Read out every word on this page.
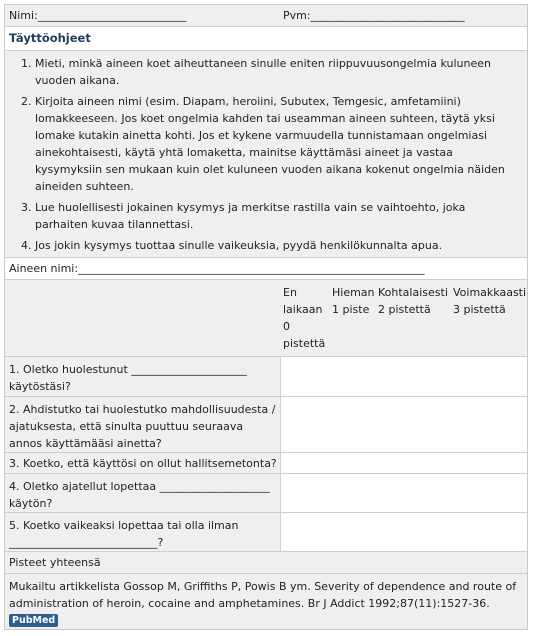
Nimi:___________________________	Pvm:____________________________
Täyttöohjeet
1. Mieti, minkä aineen koet aiheuttaneen sinulle eniten riippuvuusongelmia kuluneen vuoden aikana.
2. Kirjoita aineen nimi (esim. Diapam, heroiini, Subutex, Temgesic, amfetamiini) lomakkeeseen. Jos koet ongelmia kahden tai useamman aineen suhteen, täytä yksi lomake kutakin ainetta kohti. Jos et kykene varmuudella tunnistamaan ongelmiasi ainekohtaisesti, käytä yhtä lomaketta, mainitse käyttämäsi aineet ja vastaa kysymyksiin sen mukaan kuin olet kuluneen vuoden aikana kokenut ongelmia näiden aineiden suhteen.
3. Lue huolellisesti jokainen kysymys ja merkitse rastilla vain se vaihtoehto, joka parhaiten kuvaa tilannettasi.
4. Jos jokin kysymys tuottaa sinulle vaikeuksia, pyydä henkilökunnalta apua.
Aineen nimi:_______________________________________________________________
En laikaan
0 pistettä
Hieman
1 piste
Kohtalaisesti
2 pistettä
Voimakkaasti
3 pistettä
1. Oletko huolestunut _____________________ käytöstäsi?
2. Ahdistutko tai huolestutko mahdollisuudesta / ajatuksesta, että sinulta puuttuu seuraava annos käyttämääsi ainetta?
3. Koetko, että käyttösi on ollut hallitsemetonta?
4. Oletko ajatellut lopettaa ____________________ käytön?
5. Koetko vaikeaksi lopettaa tai olla ilman ___________________________?
Pisteet yhteensä
Mukailtu artikkelista Gossop M, Griffiths P, Powis B ym. Severity of dependence and route of administration of heroin, cocaine and amphetamines. Br J Addict 1992;87(11):1527-36.
PubMed
